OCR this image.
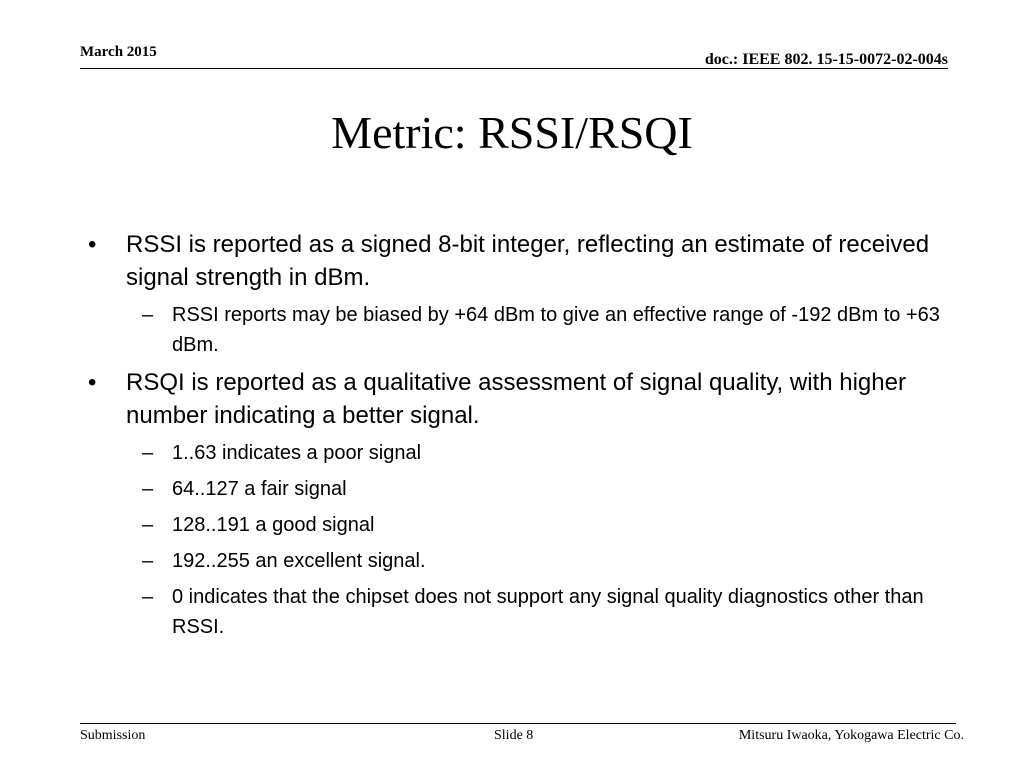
March 2015	doc.: IEEE 802. 15-15-0072-02-004s
Metric: RSSI/RSQI
• RSSI is reported as a signed 8-bit integer, reflecting an estimate of received signal strength in dBm.
– RSSI reports may be biased by +64 dBm to give an effective range of -192 dBm to +63 dBm.
• RSQI is reported as a qualitative assessment of signal quality, with higher number indicating a better signal.
– 1..63 indicates a poor signal
– 64..127 a fair signal
– 128..191 a good signal
– 192..255 an excellent signal.
– 0 indicates that the chipset does not support any signal quality diagnostics other than RSSI.
Submission	Slide 8	Mitsuru Iwaoka, Yokogawa Electric Co.
